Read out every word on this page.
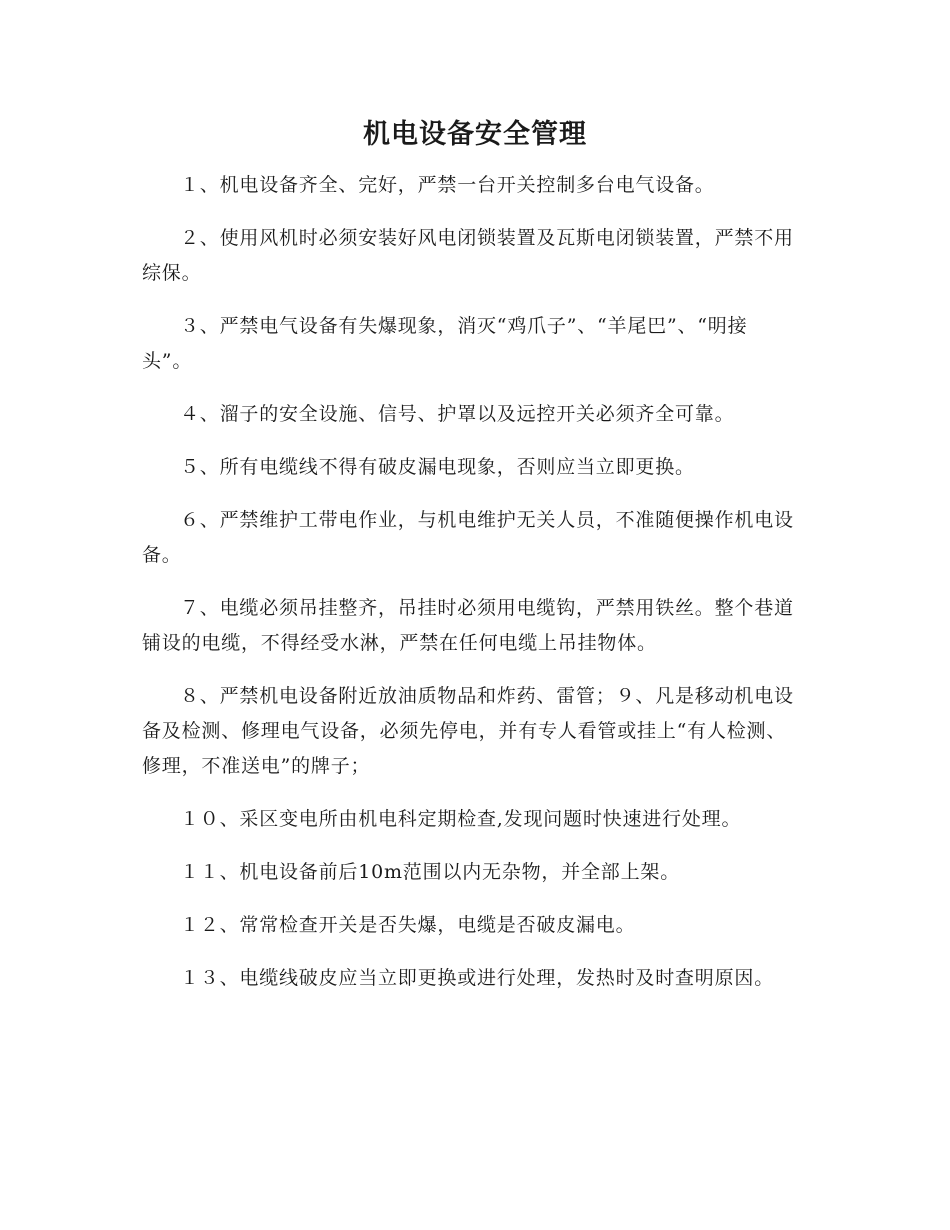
机电设备安全管理

１、机电设备齐全、完好，严禁一台开关控制多台电气设备。

２、使用风机时必须安装好风电闭锁装置及瓦斯电闭锁装置，严禁不用综保。

３、严禁电气设备有失爆现象，消灭“鸡爪子”、“羊尾巴”、“明接头”。

４、溜子的安全设施、信号、护罩以及远控开关必须齐全可靠。

５、所有电缆线不得有破皮漏电现象，否则应当立即更换。

６、严禁维护工带电作业，与机电维护无关人员，不准随便操作机电设备。

７、电缆必须吊挂整齐，吊挂时必须用电缆钩，严禁用铁丝。整个巷道铺设的电缆，不得经受水淋，严禁在任何电缆上吊挂物体。

８、严禁机电设备附近放油质物品和炸药、雷管；９、凡是移动机电设备及检测、修理电气设备，必须先停电，并有专人看管或挂上“有人检测、修理，不准送电”的牌子；

１０、采区变电所由机电科定期检查,发现问题时快速进行处理。

１１、机电设备前后10m范围以内无杂物，并全部上架。

１２、常常检查开关是否失爆，电缆是否破皮漏电。

１３、电缆线破皮应当立即更换或进行处理，发热时及时查明原因。
